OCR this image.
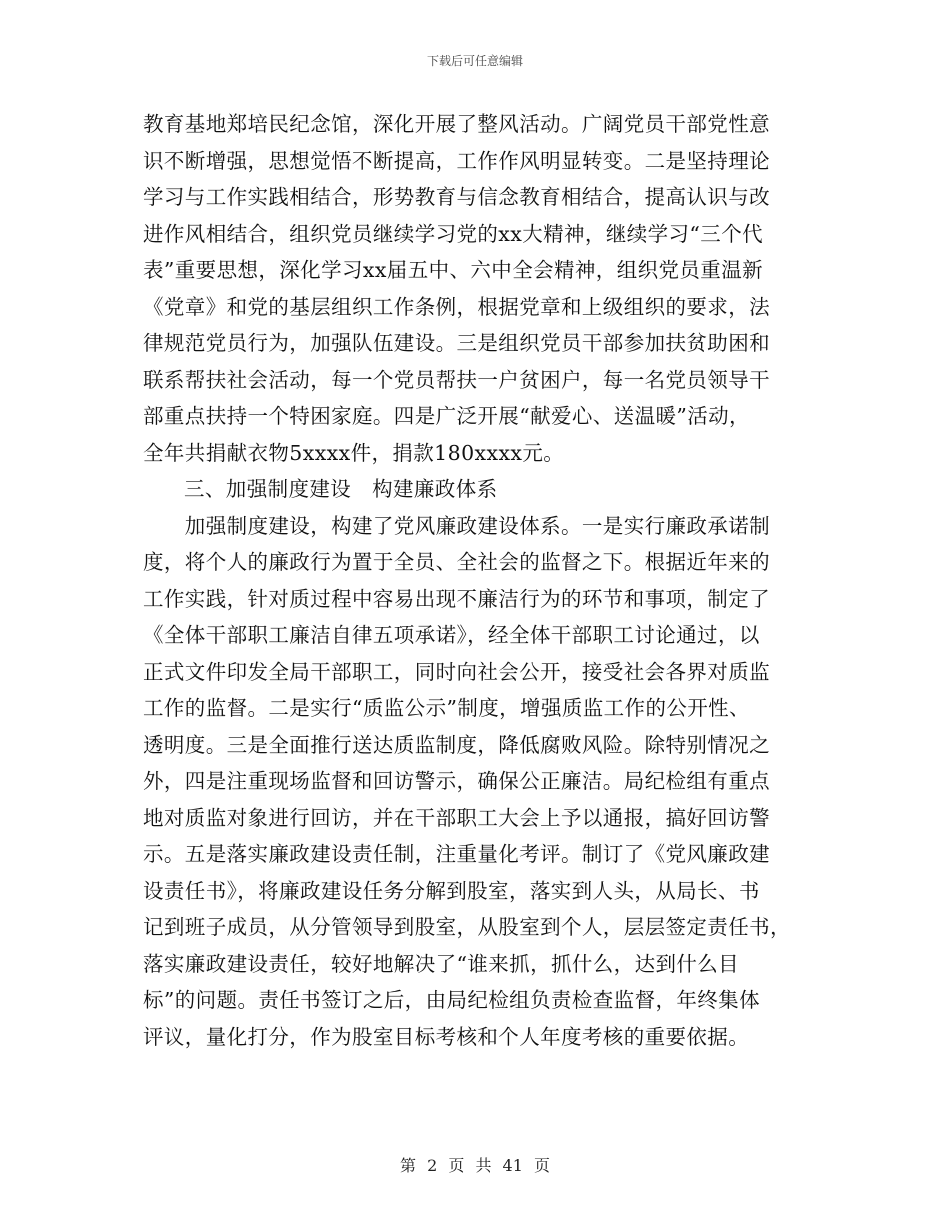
下载后可任意编辑
教育基地郑培民纪念馆，深化开展了整风活动。广阔党员干部党性意
识不断增强，思想觉悟不断提高，工作作风明显转变。二是坚持理论
学习与工作实践相结合，形势教育与信念教育相结合，提高认识与改
进作风相结合，组织党员继续学习党的xx大精神，继续学习“三个代
表”重要思想，深化学习xx届五中、六中全会精神，组织党员重温新
《党章》和党的基层组织工作条例，根据党章和上级组织的要求，法
律规范党员行为，加强队伍建设。三是组织党员干部参加扶贫助困和
联系帮扶社会活动，每一个党员帮扶一户贫困户，每一名党员领导干
部重点扶持一个特困家庭。四是广泛开展“献爱心、送温暖”活动，
全年共捐献衣物5xxxx件，捐款180xxxx元。
三、加强制度建设　构建廉政体系
　　加强制度建设，构建了党风廉政建设体系。一是实行廉政承诺制
度，将个人的廉政行为置于全员、全社会的监督之下。根据近年来的
工作实践，针对质过程中容易出现不廉洁行为的环节和事项，制定了
《全体干部职工廉洁自律五项承诺》，经全体干部职工讨论通过，以
正式文件印发全局干部职工，同时向社会公开，接受社会各界对质监
工作的监督。二是实行“质监公示”制度，增强质监工作的公开性、
透明度。三是全面推行送达质监制度，降低腐败风险。除特别情况之
外，四是注重现场监督和回访警示，确保公正廉洁。局纪检组有重点
地对质监对象进行回访，并在干部职工大会上予以通报，搞好回访警
示。五是落实廉政建设责任制，注重量化考评。制订了《党风廉政建
设责任书》，将廉政建设任务分解到股室，落实到人头，从局长、书
记到班子成员，从分管领导到股室，从股室到个人，层层签定责任书，
落实廉政建设责任，较好地解决了“谁来抓，抓什么，达到什么目
标”的问题。责任书签订之后，由局纪检组负责检查监督，年终集体
评议，量化打分，作为股室目标考核和个人年度考核的重要依据。
第 2 页 共 41 页
